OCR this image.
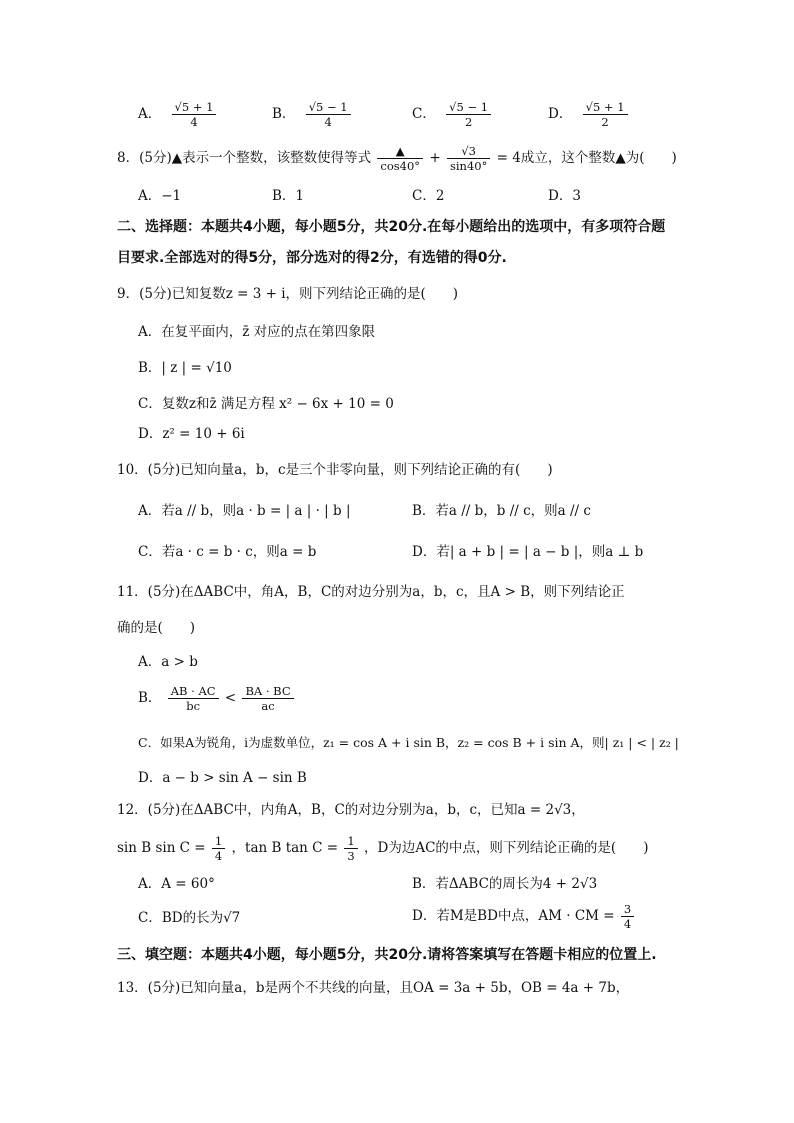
A． $\frac{√5 + 1}{4}$	B． $\frac{√5 - 1}{4}$	C． $\frac{√5 - 1}{2}$	D． $\frac{√5 + 1}{2}$
8．(5分)▲表示一个整数，该整数使得等式 $\frac{▲}{\cos 40^\circ} + \frac{√3}{\sin 40^\circ} = 4$成立，这个整数▲为(　　)
A．−1	B．1	C．2	D．3
二、选择题：本题共4小题，每小题5分，共20分.在每小题给出的选项中，有多项符合题
目要求.全部选对的得5分，部分选对的得2分，有选错的得0分.
9．(5分)已知复数z = 3 + i，则下列结论正确的是(　　)
A．在复平面内，z̄ 对应的点在第四象限
B．| z | = √10
C．复数z和z̄ 满足方程 x² − 6x + 10 = 0
D．z² = 10 + 6i
10．(5分)已知向量a，b，c是三个非零向量，则下列结论正确的有(　　)
A．若a // b，则a · b = | a | · | b |	B．若a // b，b // c，则a // c
C．若a · c = b · c，则a = b	D．若| a + b | = | a − b |，则a ⊥ b
11．(5分)在ΔABC中，角A，B，C的对边分别为a，b，c，且A > B，则下列结论正
确的是(　　)
A．a > b
B． $\frac{AB \cdot AC}{bc} < \frac{BA \cdot BC}{ac}$
C．如果A为锐角，i为虚数单位，z₁ = cos A + i sin B，z₂ = cos B + i sin A，则| z₁ | < | z₂ |
D．a − b > sin A − sin B
12．(5分)在ΔABC中，内角A，B，C的对边分别为a，b，c，已知a = 2√3，
sin B $\sin C = \frac{1}{4}$ ，tan B $\tan C = \frac{1}{3}$ ，D为边AC的中点，则下列结论正确的是(　　)
A．A = 60°	B．若ΔABC的周长为4 + 2√3
C．BD的长为√7	D．若M是BD中点，AM · CM = $\frac{3}{4}$
三、填空题：本题共4小题，每小题5分，共20分.请将答案填写在答题卡相应的位置上.
13．(5分)已知向量a，b是两个不共线的向量，且OA = 3a + 5b，OB = 4a + 7b，
